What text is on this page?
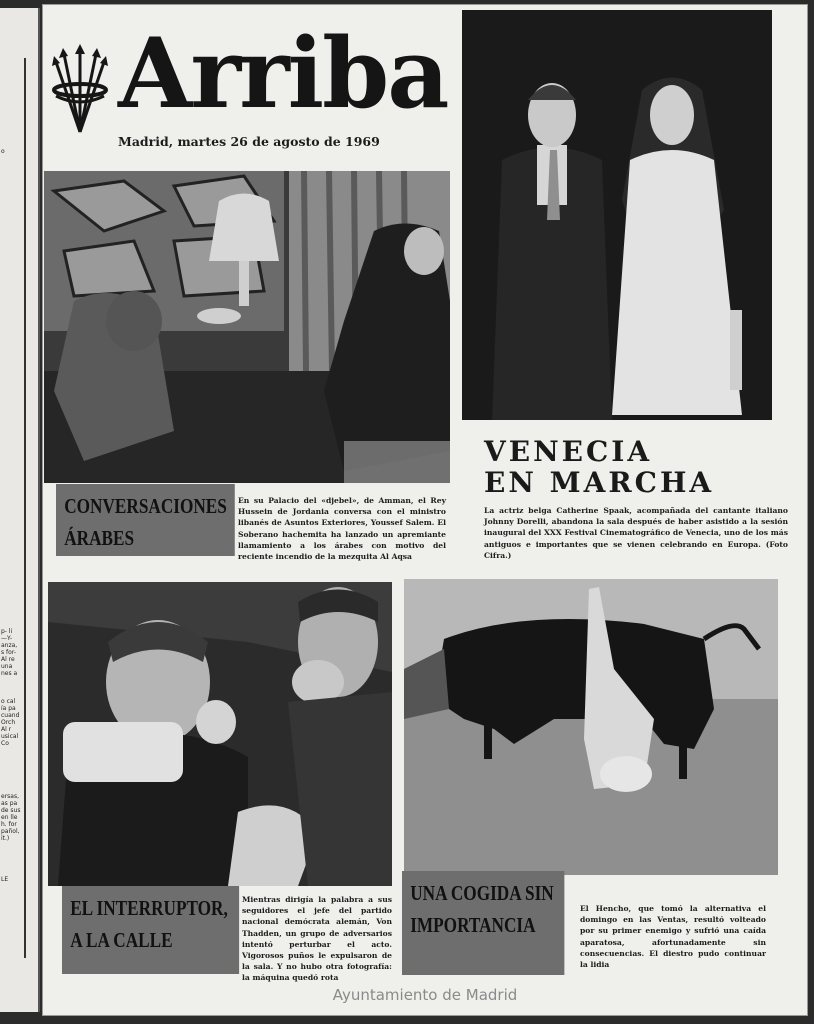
o
p- li
—Y-
anza,
s for-
Al re
una
nes a
o cal
ía pa
cuand
Orch
Al r
usical
Co
ersas,
as pa
de sus
en lle
h. for
pañol,
it.)
LE
Arriba
Madrid, martes 26 de agosto de 1969
CONVERSACIONES ÁRABES
En su Palacio del «djebel», de Amman, el Rey Hussein de Jordania conversa con el ministro libanés de Asuntos Exteriores, Youssef Salem. El Soberano hachemita ha lanzado un apremiante llamamiento a los árabes con motivo del reciente incendio de la mezquita Al Aqsa
VENECIA
EN MARCHA
La actriz belga Catherine Spaak, acompañada del cantante italiano Johnny Dorelli, abandona la sala después de haber asistido a la sesión inaugural del XXX Festival Cinematográfico de Venecia, uno de los más antiguos e importantes que se vienen celebrando en Europa. (Foto Cifra.)
EL INTERRUPTOR, A LA CALLE
Mientras dirigía la palabra a sus seguidores el jefe del partido nacional demócrata alemán, Von Thadden, un grupo de adversarios intentó perturbar el acto. Vigorosos puños le expulsaron de la sala. Y no hubo otra fotografía: la máquina quedó rota
UNA COGIDA SIN IMPORTANCIA
El Hencho, que tomó la alternativa el domingo en las Ventas, resultó volteado por su primer enemigo y sufrió una caída aparatosa, afortunadamente sin consecuencias. El diestro pudo continuar la lidia
Ayuntamiento de Madrid
